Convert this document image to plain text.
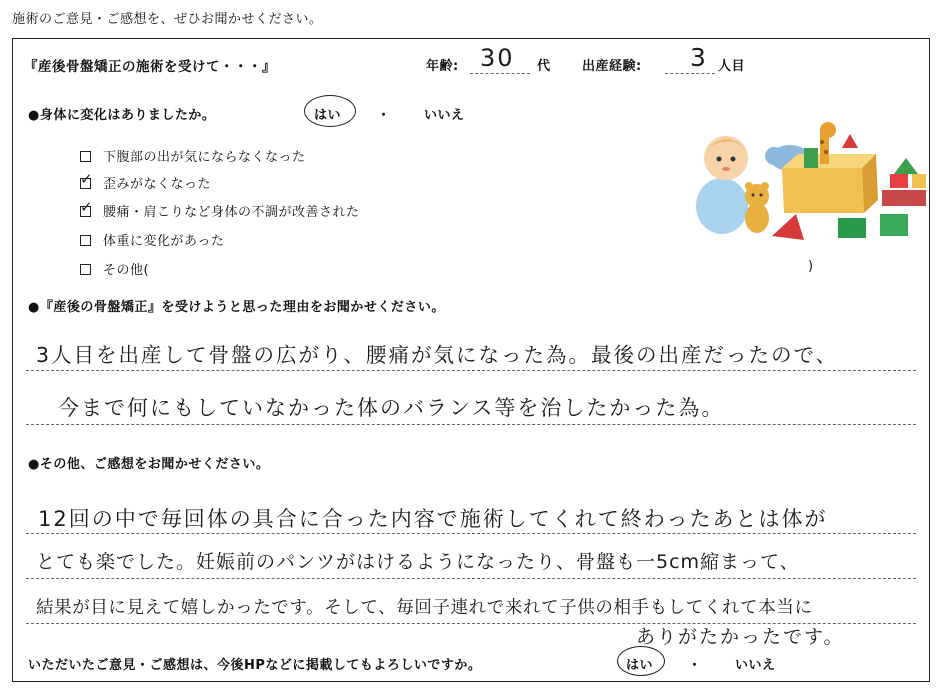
施術のご意見・ご感想を、ぜひお聞かせください。
『産後骨盤矯正の施術を受けて・・・』	年齢: 30 代 出産経験: 3 人目
●身体に変化はありましたか。	はい	・	いいえ
下腹部の出が気にならなくなった
✓ 歪みがなくなった
✓ 腰痛・肩こりなど身体の不調が改善された
体重に変化があった
その他(	)
●『産後の骨盤矯正』を受けようと思った理由をお聞かせください。
3人目を出産して骨盤の広がり、腰痛が気になった為。最後の出産だったので、
今まで何にもしていなかった体のバランス等を治したかった為。
●その他、ご感想をお聞かせください。
12回の中で毎回体の具合に合った内容で施術してくれて終わったあとは体が
とても楽でした。妊娠前のパンツがはけるようになったり、骨盤も一5cm縮まって、
結果が目に見えて嬉しかったです。そして、毎回子連れで来れて子供の相手もしてくれて本当に
ありがたかったです。
いただいたご意見・ご感想は、今後HPなどに掲載してもよろしいですか。	はい	・	いいえ
